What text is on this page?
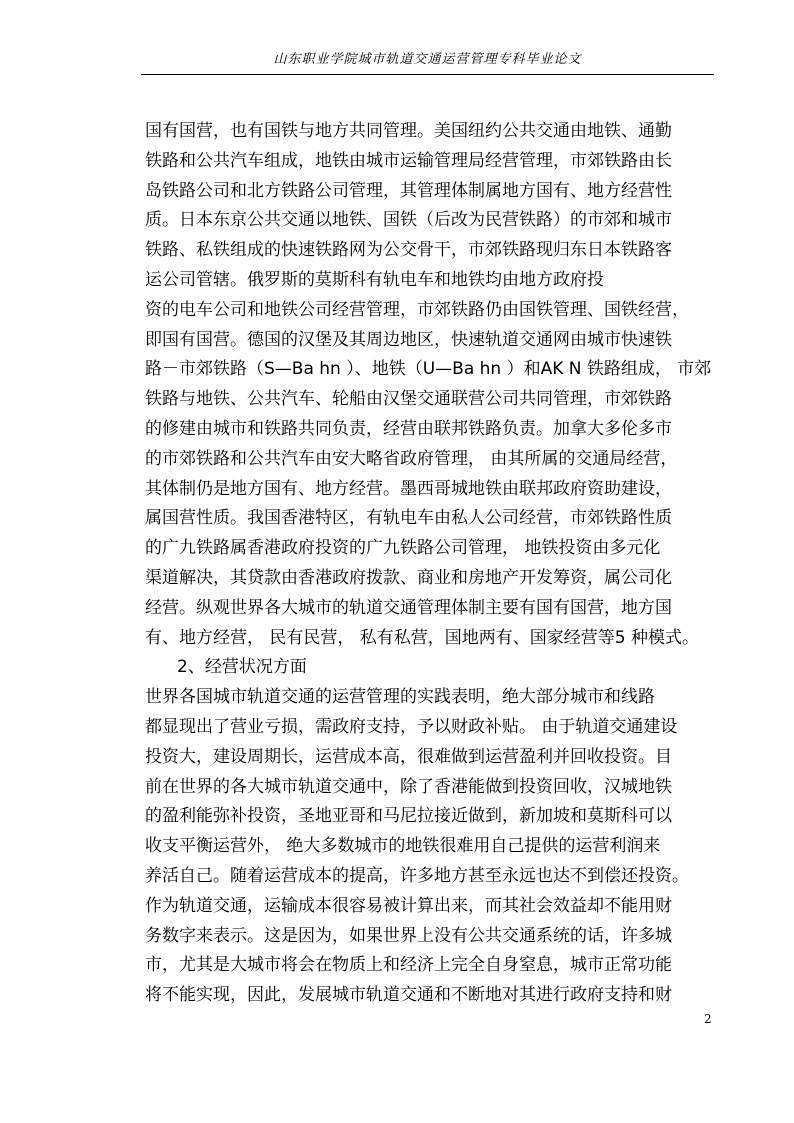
山东职业学院城市轨道交通运营管理专科毕业论文
国有国营，也有国铁与地方共同管理。美国纽约公共交通由地铁、通勤
铁路和公共汽车组成，地铁由城市运输管理局经营管理，市郊铁路由长
岛铁路公司和北方铁路公司管理，其管理体制属地方国有、地方经营性
质。日本东京公共交通以地铁、国铁（后改为民营铁路）的市郊和城市
铁路、私铁组成的快速铁路网为公交骨干，市郊铁路现归东日本铁路客
运公司管辖。俄罗斯的莫斯科有轨电车和地铁均由地方政府投
资的电车公司和地铁公司经营管理，市郊铁路仍由国铁管理、国铁经营，
即国有国营。德国的汉堡及其周边地区，快速轨道交通网由城市快速铁
路－市郊铁路（S—Ba hn ）、地铁（U—Ba hn ）和AK N 铁路组成， 市郊
铁路与地铁、公共汽车、轮船由汉堡交通联营公司共同管理，市郊铁路
的修建由城市和铁路共同负责，经营由联邦铁路负责。加拿大多伦多市
的市郊铁路和公共汽车由安大略省政府管理， 由其所属的交通局经营，
其体制仍是地方国有、地方经营。墨西哥城地铁由联邦政府资助建设，
属国营性质。我国香港特区，有轨电车由私人公司经营，市郊铁路性质
的广九铁路属香港政府投资的广九铁路公司管理， 地铁投资由多元化
渠道解决，其贷款由香港政府拨款、商业和房地产开发筹资，属公司化
经营。纵观世界各大城市的轨道交通管理体制主要有国有国营，地方国
有、地方经营， 民有民营， 私有私营，国地两有、国家经营等5 种模式。
2、经营状况方面
世界各国城市轨道交通的运营管理的实践表明，绝大部分城市和线路
都显现出了营业亏损，需政府支持，予以财政补贴。 由于轨道交通建设
投资大，建设周期长，运营成本高，很难做到运营盈利并回收投资。目
前在世界的各大城市轨道交通中，除了香港能做到投资回收，汉城地铁
的盈利能弥补投资，圣地亚哥和马尼拉接近做到，新加坡和莫斯科可以
收支平衡运营外， 绝大多数城市的地铁很难用自己提供的运营利润来
养活自己。随着运营成本的提高，许多地方甚至永远也达不到偿还投资。
作为轨道交通，运输成本很容易被计算出来，而其社会效益却不能用财
务数字来表示。这是因为，如果世界上没有公共交通系统的话，许多城
市，尤其是大城市将会在物质上和经济上完全自身窒息，城市正常功能
将不能实现，因此，发展城市轨道交通和不断地对其进行政府支持和财
2
